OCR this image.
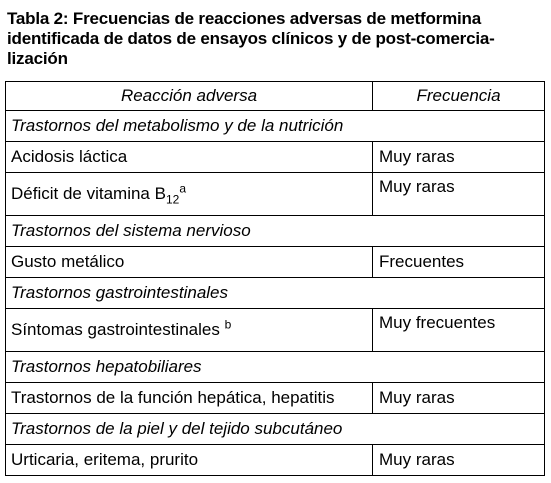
Tabla 2: Frecuencias de reacciones adversas de metformina
identificada de datos de ensayos clínicos y de post-comercia-
lización
Reacción adversa	Frecuencia
Trastornos del metabolismo y de la nutrición	
Acidosis láctica	Muy raras
Déficit de vitamina $B_{12}^a$	Muy raras
Trastornos del sistema nervioso	
Gusto metálico	Frecuentes
Trastornos gastrointestinales	
Síntomas gastrointestinales $^b$	Muy frecuentes
Trastornos hepatobiliares	
Trastornos de la función hepática, hepatitis	Muy raras
Trastornos de la piel y del tejido subcutáneo	
Urticaria, eritema, prurito	Muy raras
